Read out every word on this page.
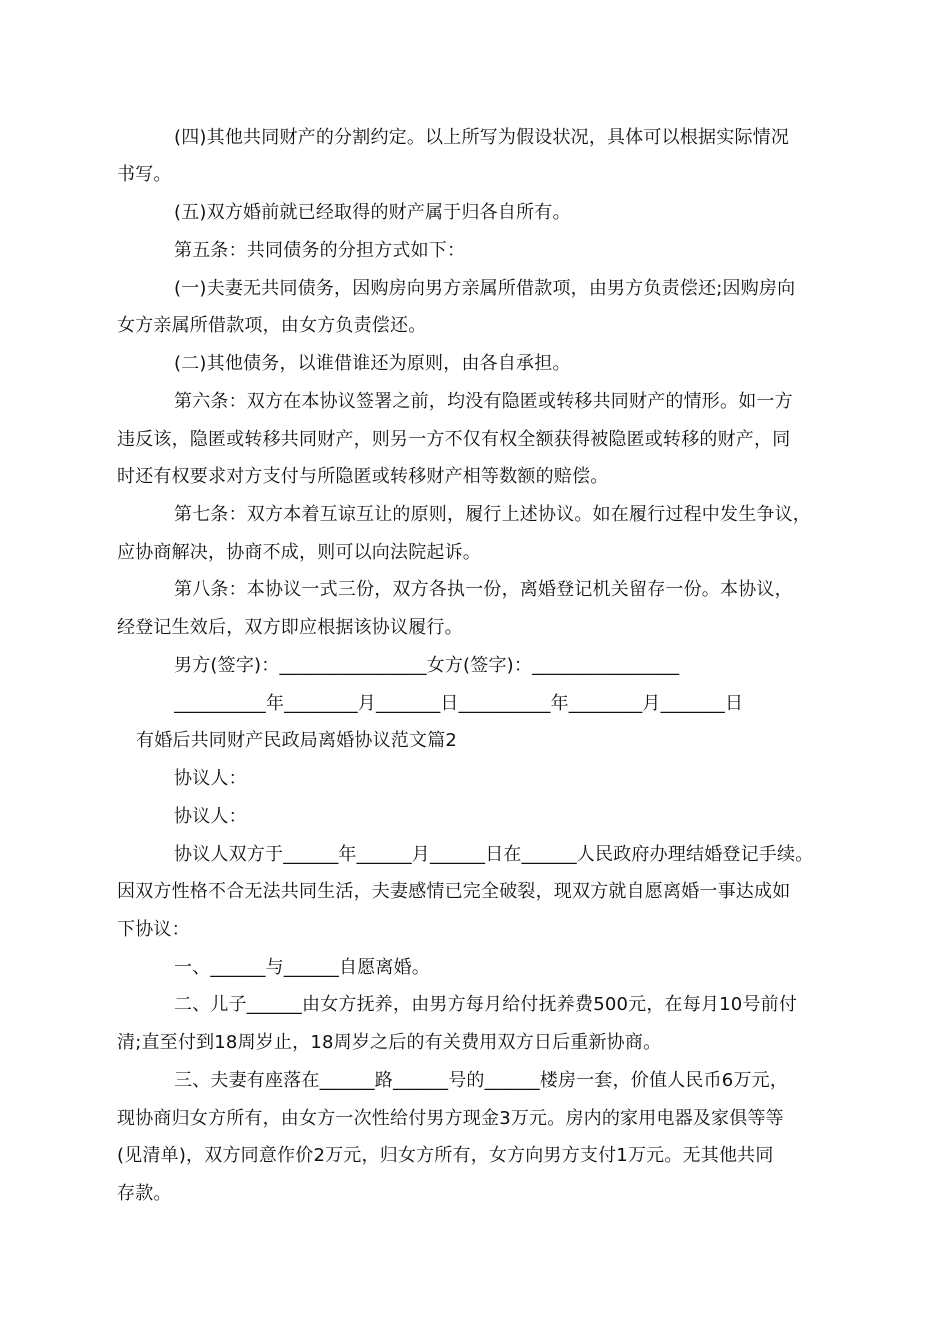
(四)其他共同财产的分割约定。以上所写为假设状况，具体可以根据实际情况
书写。
(五)双方婚前就已经取得的财产属于归各自所有。
第五条：共同债务的分担方式如下：
(一)夫妻无共同债务，因购房向男方亲属所借款项，由男方负责偿还;因购房向
女方亲属所借款项，由女方负责偿还。
(二)其他债务，以谁借谁还为原则，由各自承担。
第六条：双方在本协议签署之前，均没有隐匿或转移共同财产的情形。如一方
违反该，隐匿或转移共同财产，则另一方不仅有权全额获得被隐匿或转移的财产，同
时还有权要求对方支付与所隐匿或转移财产相等数额的赔偿。
第七条：双方本着互谅互让的原则，履行上述协议。如在履行过程中发生争议，
应协商解决，协商不成，则可以向法院起诉。
第八条：本协议一式三份，双方各执一份，离婚登记机关留存一份。本协议，
经登记生效后，双方即应根据该协议履行。
男方(签字)：________________女方(签字)：________________
__________年________月_______日__________年________月_______日
有婚后共同财产民政局离婚协议范文篇2
协议人：
协议人：
协议人双方于______年______月______日在______人民政府办理结婚登记手续。
因双方性格不合无法共同生活，夫妻感情已完全破裂，现双方就自愿离婚一事达成如
下协议：
一、______与______自愿离婚。
二、儿子______由女方抚养，由男方每月给付抚养费500元，在每月10号前付
清;直至付到18周岁止，18周岁之后的有关费用双方日后重新协商。
三、夫妻有座落在______路______号的______楼房一套，价值人民币6万元，
现协商归女方所有，由女方一次性给付男方现金3万元。房内的家用电器及家俱等等
(见清单)，双方同意作价2万元，归女方所有，女方向男方支付1万元。无其他共同
存款。
